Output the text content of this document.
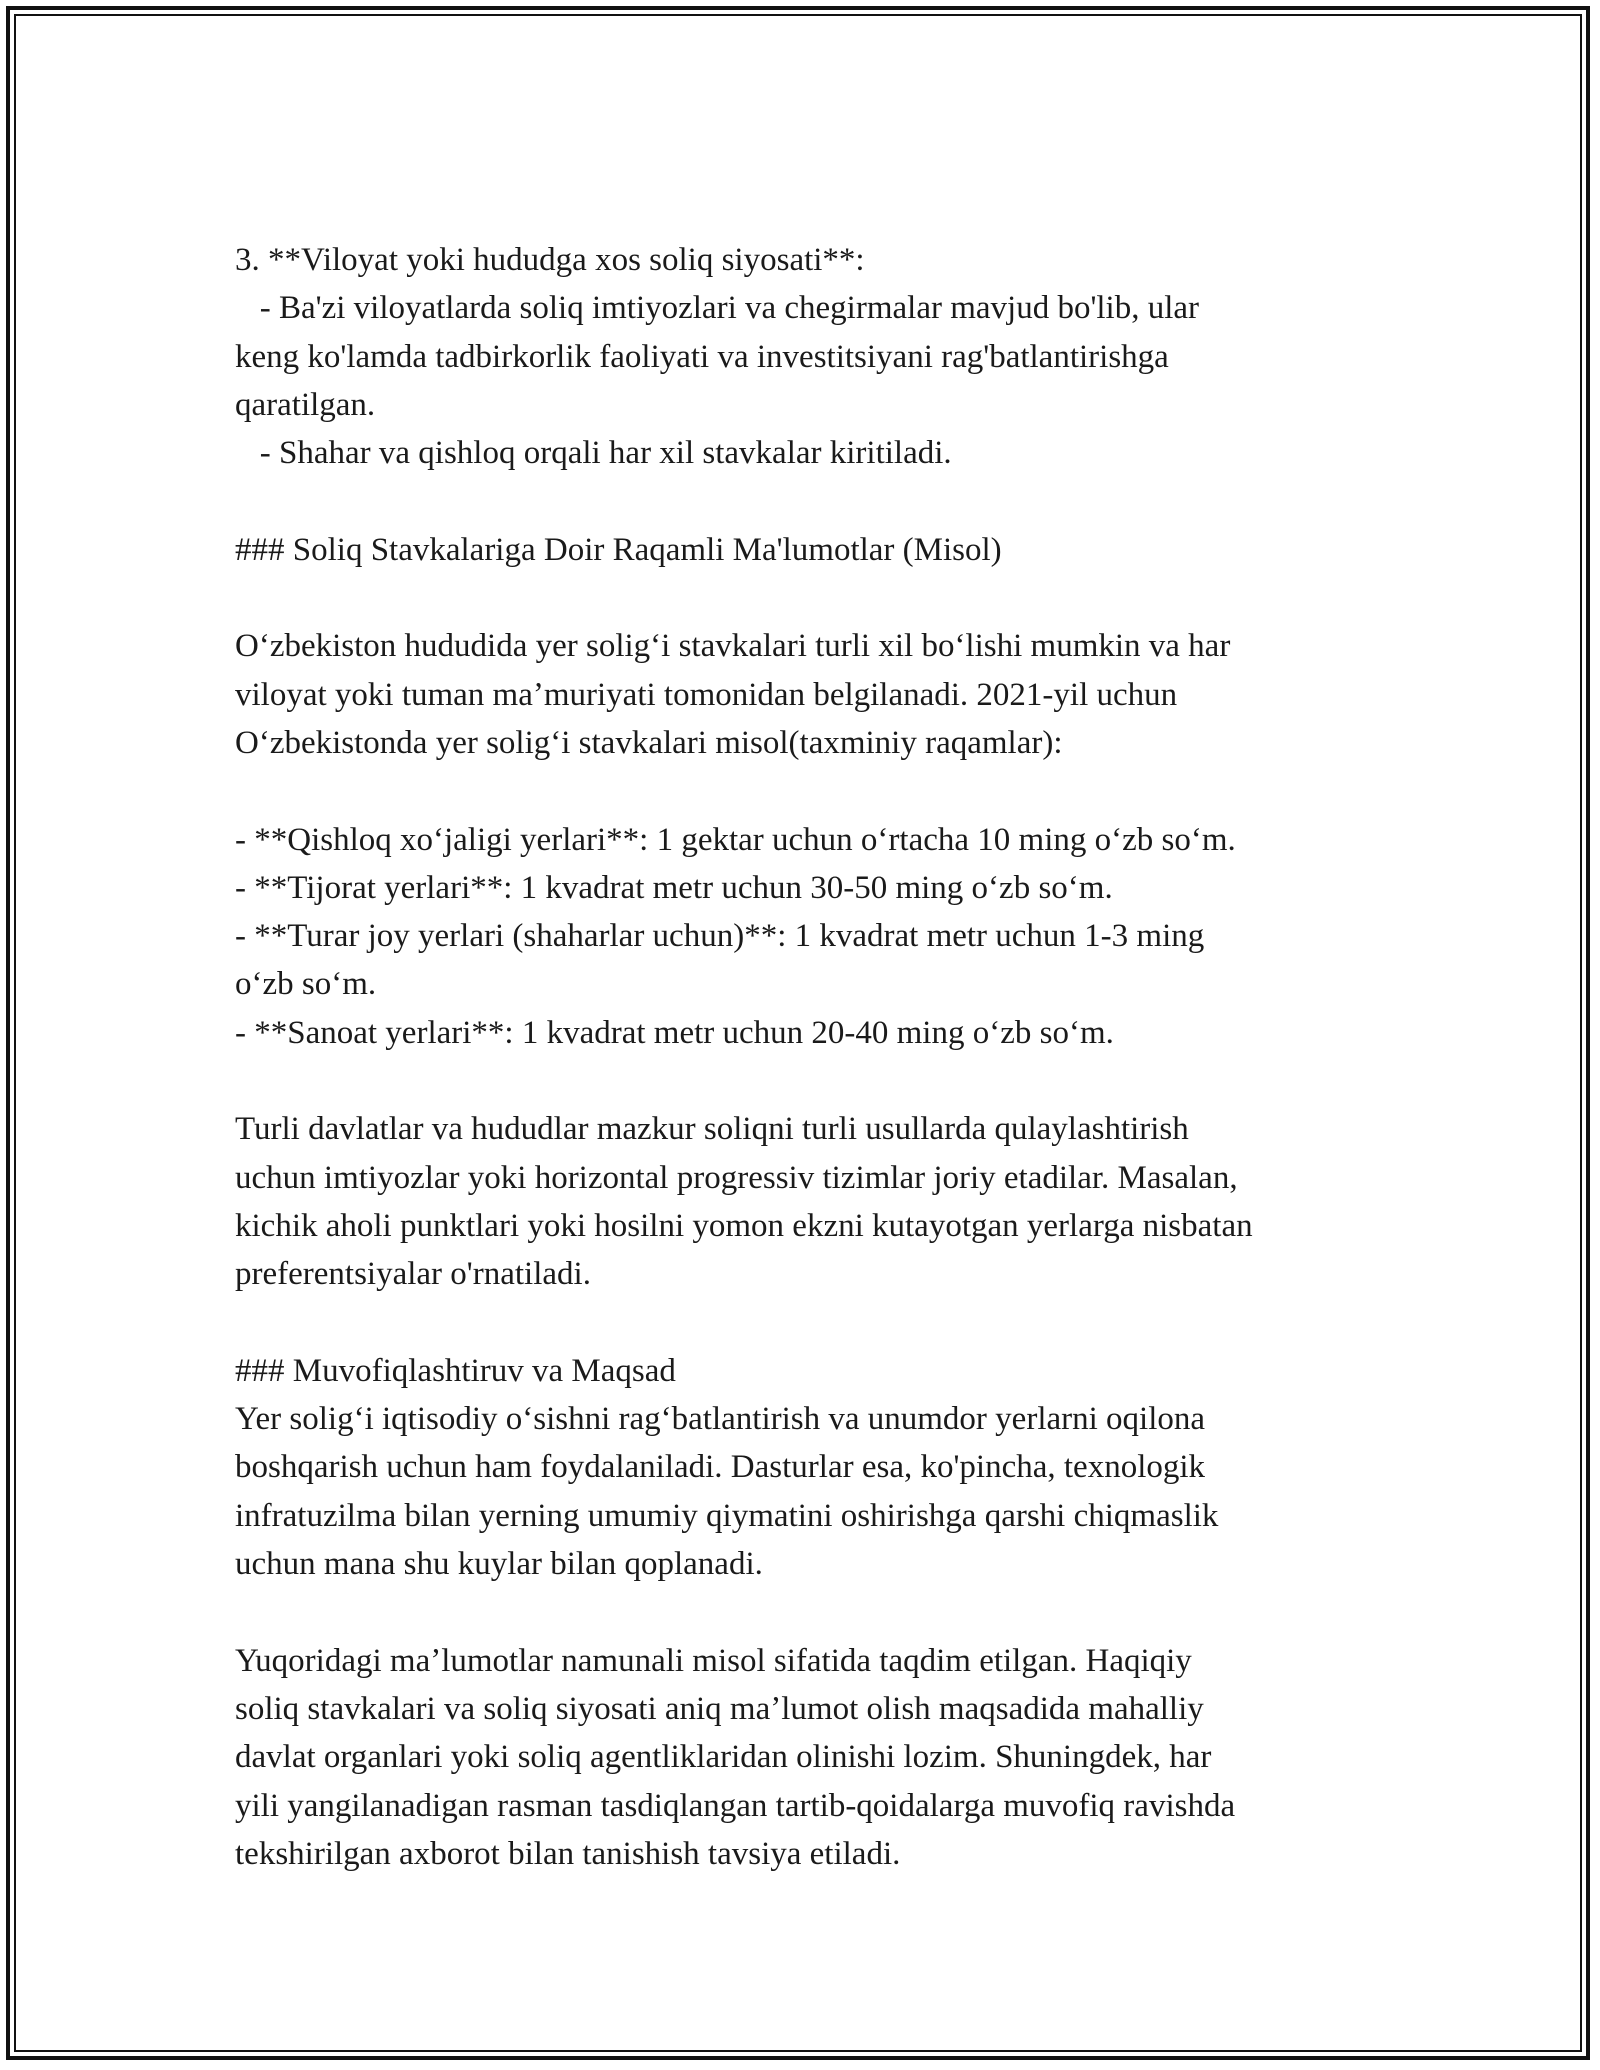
3. **Viloyat yoki hududga xos soliq siyosati**:
- Ba'zi viloyatlarda soliq imtiyozlari va chegirmalar mavjud bo'lib, ular
keng ko'lamda tadbirkorlik faoliyati va investitsiyani rag'batlantirishga
qaratilgan.
- Shahar va qishloq orqali har xil stavkalar kiritiladi.
### Soliq Stavkalariga Doir Raqamli Ma'lumotlar (Misol)
Oʻzbekiston hududida yer soligʻi stavkalari turli xil boʻlishi mumkin va har
viloyat yoki tuman maʼmuriyati tomonidan belgilanadi. 2021-yil uchun
Oʻzbekistonda yer soligʻi stavkalari misol(taxminiy raqamlar):
- **Qishloq xoʻjaligi yerlari**: 1 gektar uchun oʻrtacha 10 ming oʻzb soʻm.
- **Tijorat yerlari**: 1 kvadrat metr uchun 30-50 ming oʻzb soʻm.
- **Turar joy yerlari (shaharlar uchun)**: 1 kvadrat metr uchun 1-3 ming
oʻzb soʻm.
- **Sanoat yerlari**: 1 kvadrat metr uchun 20-40 ming oʻzb soʻm.
Turli davlatlar va hududlar mazkur soliqni turli usullarda qulaylashtirish
uchun imtiyozlar yoki horizontal progressiv tizimlar joriy etadilar. Masalan,
kichik aholi punktlari yoki hosilni yomon ekzni kutayotgan yerlarga nisbatan
preferentsiyalar o'rnatiladi.
### Muvofiqlashtiruv va Maqsad
Yer soligʻi iqtisodiy oʻsishni ragʻbatlantirish va unumdor yerlarni oqilona
boshqarish uchun ham foydalaniladi. Dasturlar esa, ko'pincha, texnologik
infratuzilma bilan yerning umumiy qiymatini oshirishga qarshi chiqmaslik
uchun mana shu kuylar bilan qoplanadi.
Yuqoridagi maʼlumotlar namunali misol sifatida taqdim etilgan. Haqiqiy
soliq stavkalari va soliq siyosati aniq maʼlumot olish maqsadida mahalliy
davlat organlari yoki soliq agentliklaridan olinishi lozim. Shuningdek, har
yili yangilanadigan rasman tasdiqlangan tartib-qoidalarga muvofiq ravishda
tekshirilgan axborot bilan tanishish tavsiya etiladi.
